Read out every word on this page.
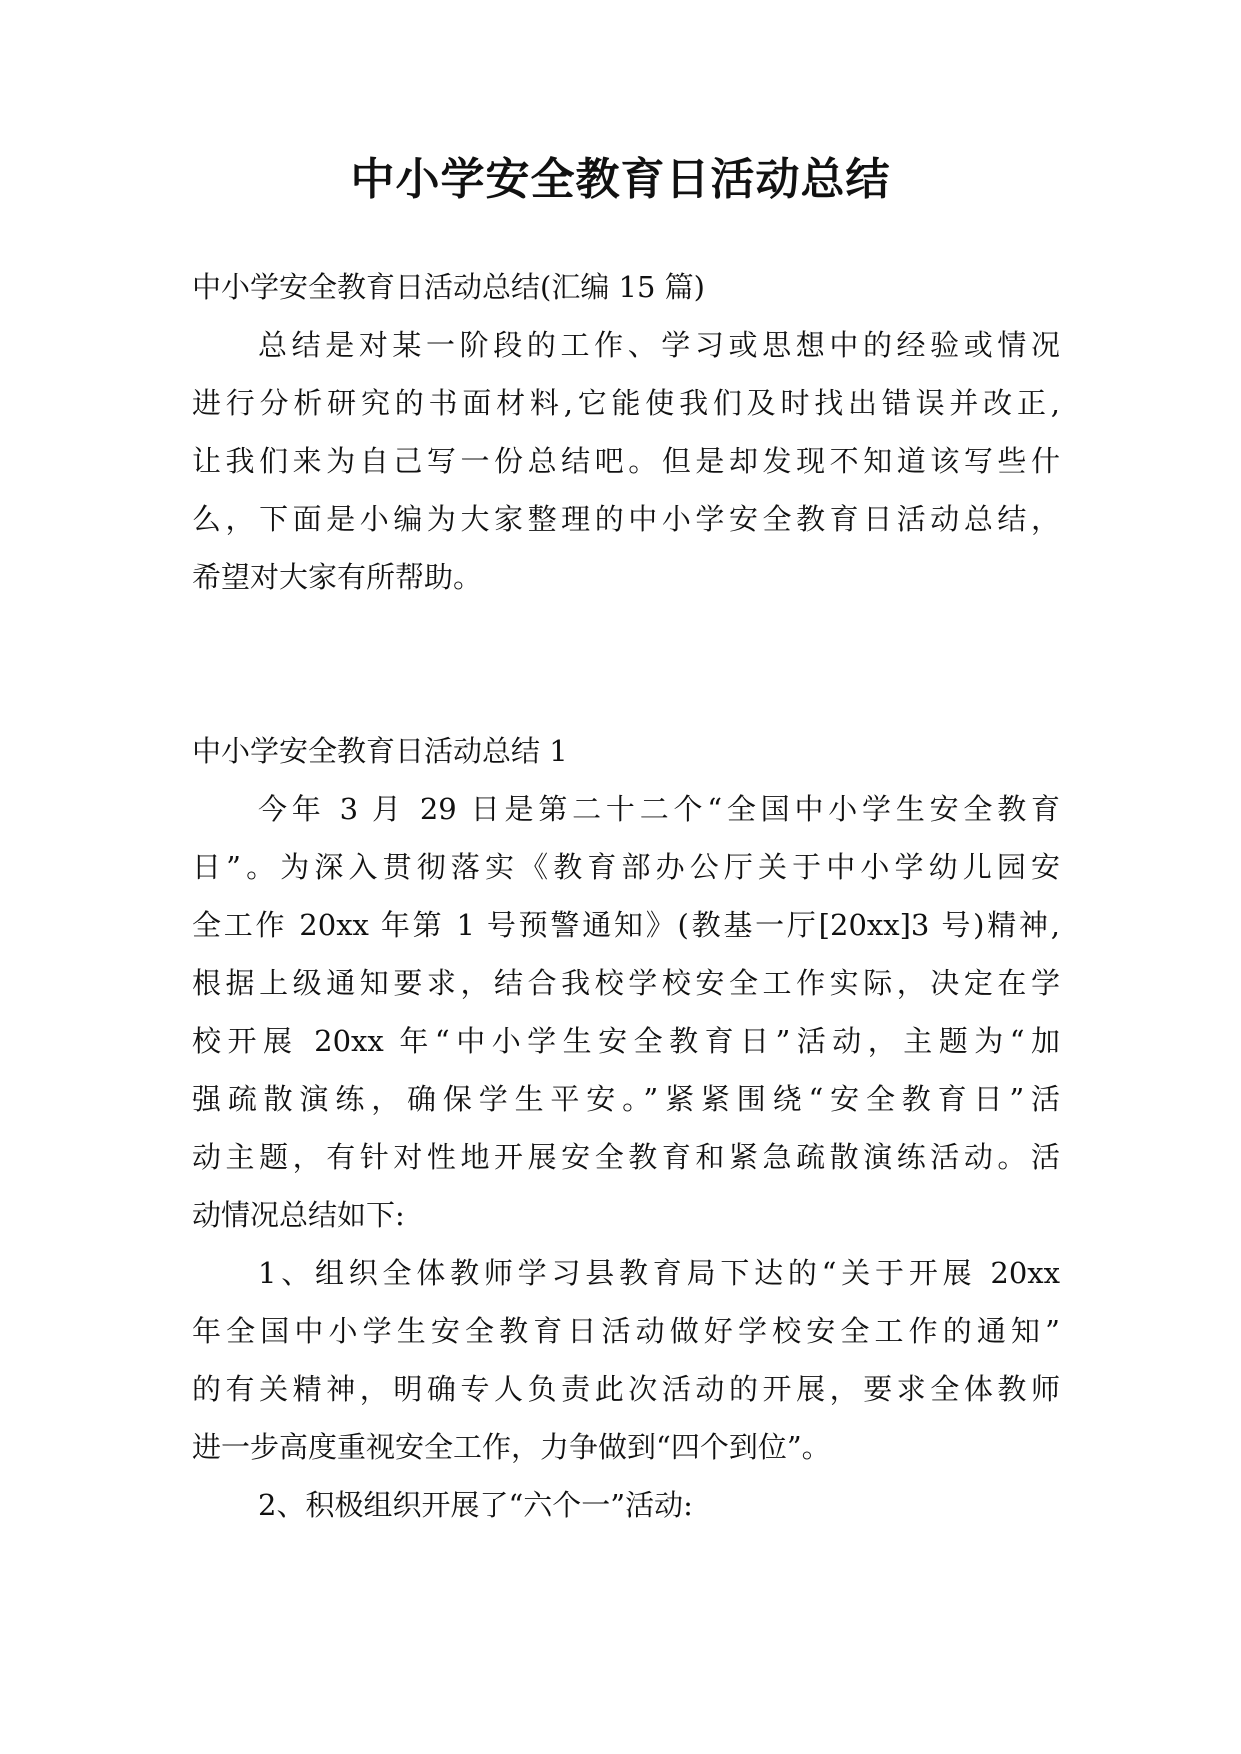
中小学安全教育日活动总结
中小学安全教育日活动总结(汇编 15 篇)
总结是对某一阶段的工作、学习或思想中的经验或情况
进行分析研究的书面材料,它能使我们及时找出错误并改正,
让我们来为自己写一份总结吧。但是却发现不知道该写些什
么，下面是小编为大家整理的中小学安全教育日活动总结，
希望对大家有所帮助。
中小学安全教育日活动总结 1
今年 3 月 29 日是第二十二个“全国中小学生安全教育
日”。为深入贯彻落实《教育部办公厅关于中小学幼儿园安
全工作 20xx 年第 1 号预警通知》(教基一厅[20xx]3 号)精神,
根据上级通知要求，结合我校学校安全工作实际，决定在学
校开展 20xx 年“中小学生安全教育日”活动，主题为“加
强疏散演练，确保学生平安。”紧紧围绕“安全教育日”活
动主题，有针对性地开展安全教育和紧急疏散演练活动。活
动情况总结如下:
1、组织全体教师学习县教育局下达的“关于开展 20xx
年全国中小学生安全教育日活动做好学校安全工作的通知”
的有关精神，明确专人负责此次活动的开展，要求全体教师
进一步高度重视安全工作，力争做到“四个到位”。
2、积极组织开展了“六个一”活动:
